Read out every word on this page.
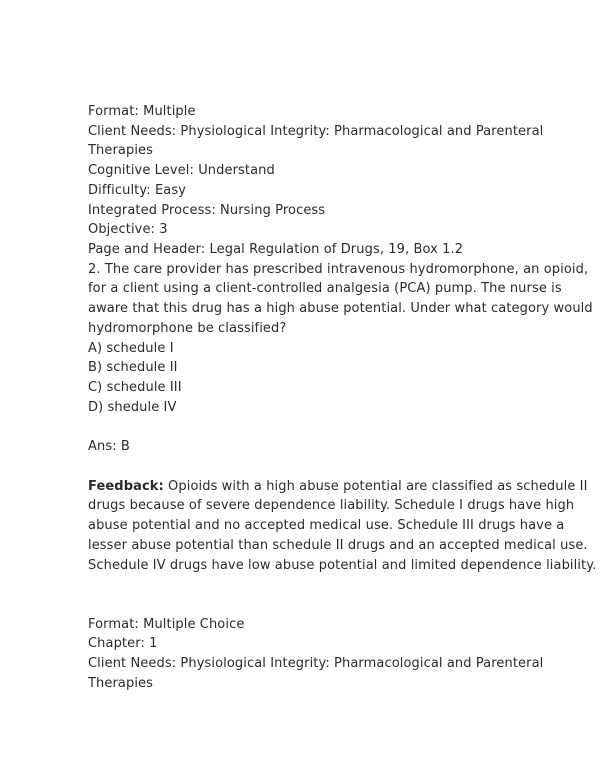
Format: Multiple
Client Needs: Physiological Integrity: Pharmacological and Parenteral
Therapies
Cognitive Level: Understand
Difficulty: Easy
Integrated Process: Nursing Process
Objective: 3
Page and Header: Legal Regulation of Drugs, 19, Box 1.2
2. The care provider has prescribed intravenous hydromorphone, an opioid,
for a client using a client-controlled analgesia (PCA) pump. The nurse is
aware that this drug has a high abuse potential. Under what category would
hydromorphone be classified?
A) schedule I
B) schedule II
C) schedule III
D) shedule IV

Ans: B

Feedback: Opioids with a high abuse potential are classified as schedule II
drugs because of severe dependence liability. Schedule I drugs have high
abuse potential and no accepted medical use. Schedule III drugs have a
lesser abuse potential than schedule II drugs and an accepted medical use.
Schedule IV drugs have low abuse potential and limited dependence liability.

Format: Multiple Choice
Chapter: 1
Client Needs: Physiological Integrity: Pharmacological and Parenteral
Therapies
